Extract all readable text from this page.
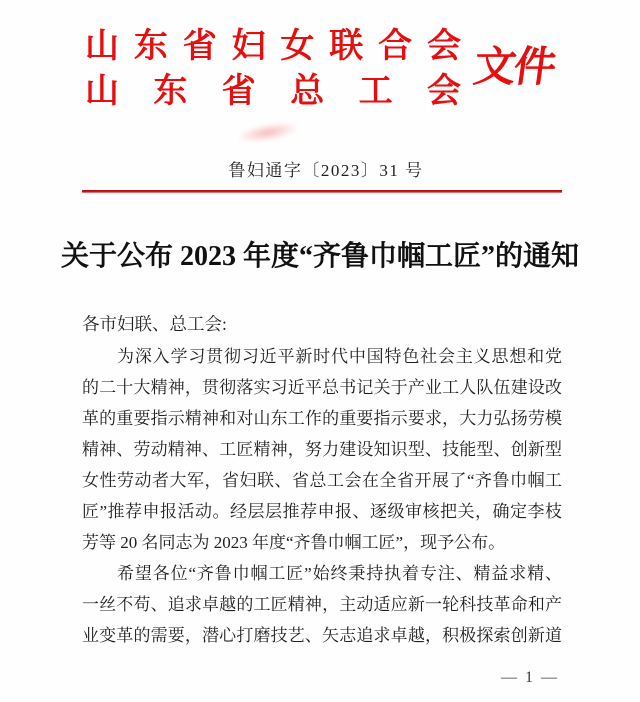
山东省妇女联合会
山东省总工会
文件
鲁妇通字〔2023〕31 号
关于公布 2023 年度“齐鲁巾帼工匠”的通知
各市妇联、总工会:
为深入学习贯彻习近平新时代中国特色社会主义思想和党
的二十大精神，贯彻落实习近平总书记关于产业工人队伍建设改
革的重要指示精神和对山东工作的重要指示要求，大力弘扬劳模
精神、劳动精神、工匠精神，努力建设知识型、技能型、创新型
女性劳动者大军，省妇联、省总工会在全省开展了“齐鲁巾帼工
匠”推荐申报活动。经层层推荐申报、逐级审核把关，确定李枝
芳等 20 名同志为 2023 年度“齐鲁巾帼工匠”，现予公布。
希望各位“齐鲁巾帼工匠”始终秉持执着专注、精益求精、
一丝不苟、追求卓越的工匠精神，主动适应新一轮科技革命和产
业变革的需要，潜心打磨技艺、矢志追求卓越，积极探索创新道
— 1 —
